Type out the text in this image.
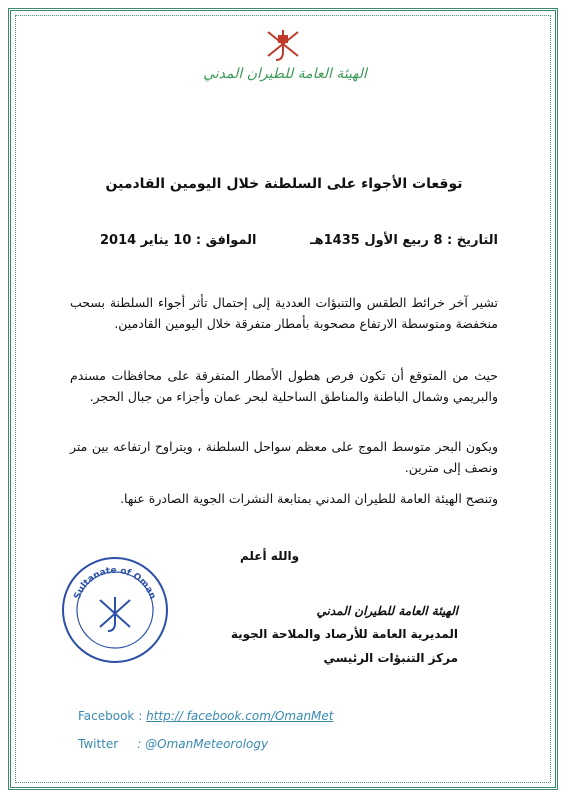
الهيئة العامة للطيران المدني
توقعات الأجواء على السلطنة خلال اليومين القادمين
التاريخ : 8 ربيع الأول 1435هـ
الموافق : 10 يناير 2014
تشير آخر خرائط الطقس والتنبؤات العددية إلى إحتمال تأثر أجواء السلطنة بسحب منخفضة ومتوسطة الارتفاع مصحوبة بأمطار متفرقة خلال اليومين القادمين.
حيث من المتوقع أن تكون فرص هطول الأمطار المتفرقة على محافظات مسندم والبريمي وشمال الباطنة والمناطق الساحلية لبحر عمان وأجزاء من جبال الحجر.
ويكون البحر متوسط الموج على معظم سواحل السلطنة ، ويتراوح ارتفاعه بين متر ونصف إلى مترين.
وتنصح الهيئة العامة للطيران المدني بمتابعة النشرات الجوية الصادرة عنها.
والله أعلم
Sultanate of Oman
الهيئة العامة للطيران المدني
المديرية العامة للأرصاد والملاحة الجوية
مركز التنبؤات الرئيسي
Facebook : http:// facebook.com/OmanMet
Twitter : @OmanMeteorology
